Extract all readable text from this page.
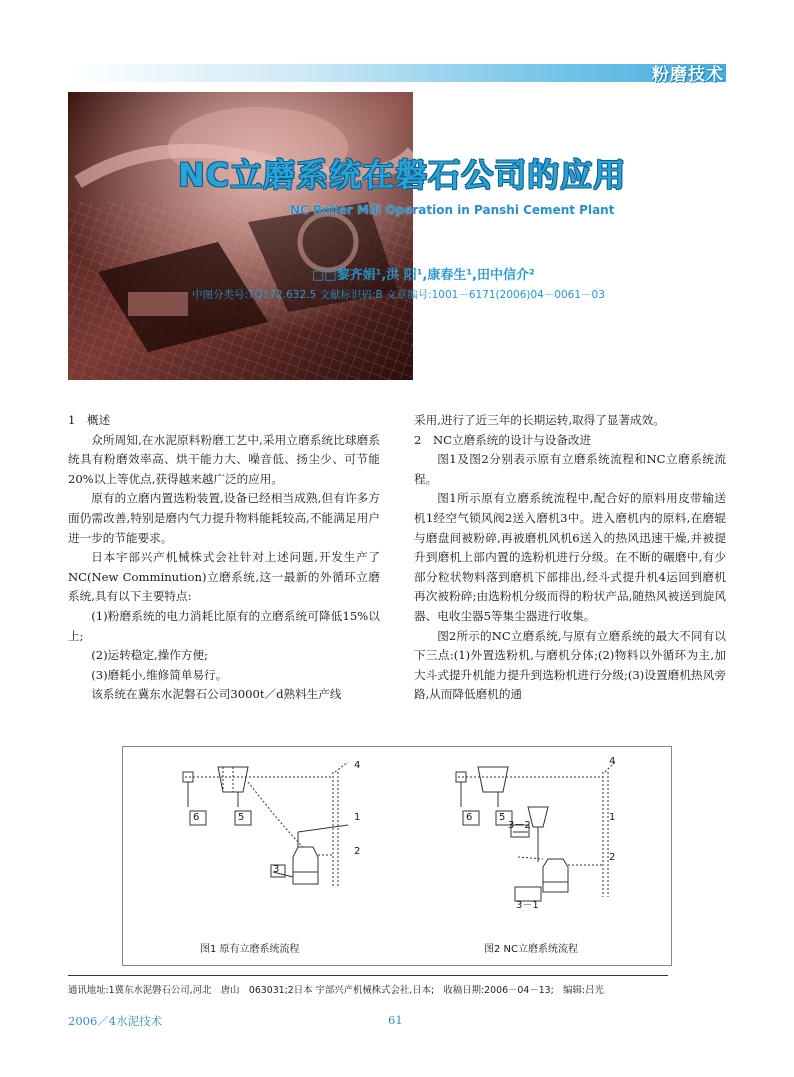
粉磨技术
NC立磨系统在磐石公司的应用
NC Roller Mill Operation in Panshi Cement Plant
□□黎齐娟¹,洪 阳¹,康春生¹,田中信介²
中图分类号:TQ172.632.5 文献标识码:B 文章编号:1001－6171(2006)04－0061－03

1　概述

众所周知,在水泥原料粉磨工艺中,采用立磨系统比球磨系统具有粉磨效率高、烘干能力大、噪音低、扬尘少、可节能20%以上等优点,获得越来越广泛的应用。

原有的立磨内置选粉装置,设备已经相当成熟,但有许多方面仍需改善,特别是磨内气力提升物料能耗较高,不能满足用户进一步的节能要求。

日本宇部兴产机械株式会社针对上述问题,开发生产了NC(New Comminution)立磨系统,这一最新的外循环立磨系统,具有以下主要特点:

(1)粉磨系统的电力消耗比原有的立磨系统可降低15%以上;

(2)运转稳定,操作方便;

(3)磨耗小,维修简单易行。

该系统在冀东水泥磐石公司3000t／d熟料生产线

采用,进行了近三年的长期运转,取得了显著成效。

2　NC立磨系统的设计与设备改进

图1及图2分别表示原有立磨系统流程和NC立磨系统流程。

图1所示原有立磨系统流程中,配合好的原料用皮带输送机1经空气锁风阀2送入磨机3中。进入磨机内的原料,在磨辊与磨盘间被粉碎,再被磨机风机6送入的热风迅速干燥,并被提升到磨机上部内置的选粉机进行分级。在不断的碾磨中,有少部分粒状物料落到磨机下部排出,经斗式提升机4运回到磨机再次被粉碎;由选粉机分级而得的粉状产品,随热风被送到旋风器、电收尘器5等集尘器进行收集。

图2所示的NC立磨系统,与原有立磨系统的最大不同有以下三点:(1)外置选粉机,与磨机分体;(2)物料以外循环为主,加大斗式提升机能力提升到选粉机进行分级;(3)设置磨机热风旁路,从而降低磨机的通

4
1
2
3
5
6
4
1
2
3－2
3－1
5
6
图1 原有立磨系统流程	图2 NC立磨系统流程
通讯地址:1冀东水泥磐石公司,河北　唐山　063031;2日本 宇部兴产机械株式会社,日本;　收稿日期:2006－04－13;　编辑:吕光
2006／4水泥技术	61
